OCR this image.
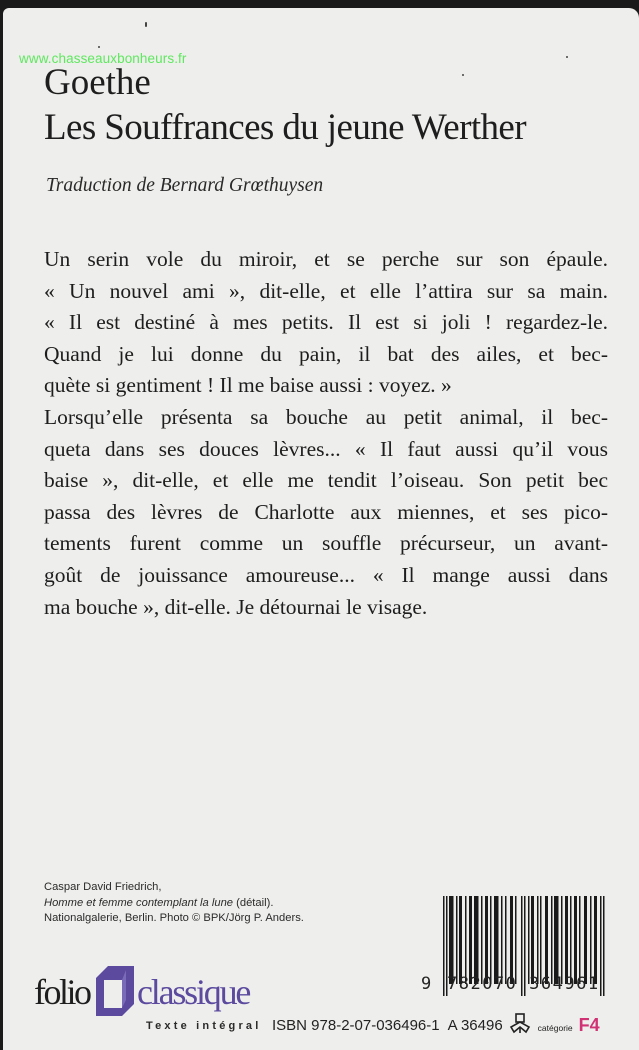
www.chasseauxbonheurs.fr
Goethe
Les Souffrances du jeune Werther
Traduction de Bernard Grœthuysen
Un serin vole du miroir, et se perche sur son épaule.
« Un nouvel ami », dit-elle, et elle l’attira sur sa main.
« Il est destiné à mes petits. Il est si joli ! regardez-le.
Quand je lui donne du pain, il bat des ailes, et bec-
quète si gentiment ! Il me baise aussi : voyez. »
Lorsqu’elle présenta sa bouche au petit animal, il bec-
queta dans ses douces lèvres... « Il faut aussi qu’il vous
baise », dit-elle, et elle me tendit l’oiseau. Son petit bec
passa des lèvres de Charlotte aux miennes, et ses pico-
tements furent comme un souffle précurseur, un avant-
goût de jouissance amoureuse... « Il mange aussi dans
ma bouche », dit-elle. Je détournai le visage.
Caspar David Friedrich,
Homme et femme contemplant la lune (détail).
Nationalgalerie, Berlin. Photo © BPK/Jörg P. Anders.
folio classique
Texte intégral ISBN 978-2-07-036496-1 A 36496	catégorie F4
9 782070 364961
